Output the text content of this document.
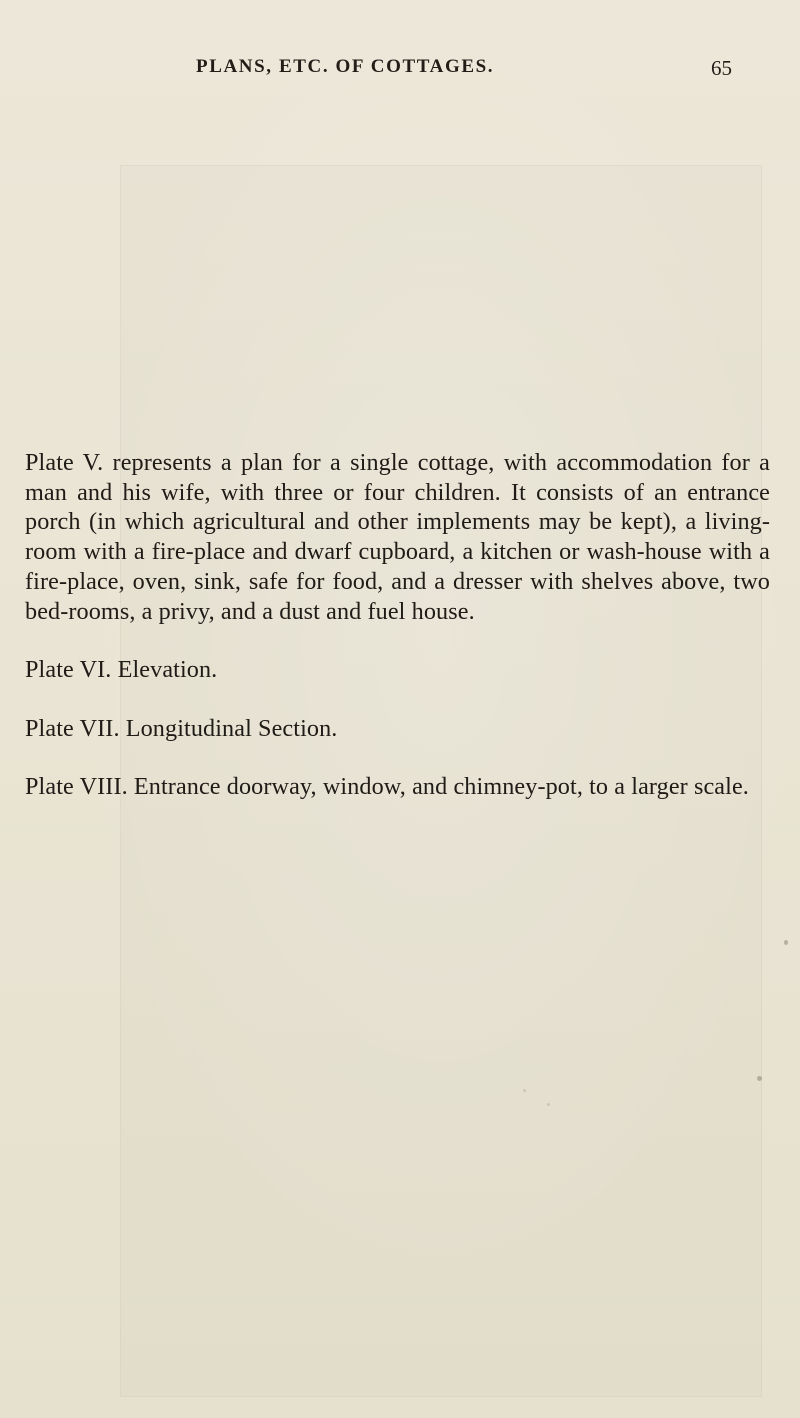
PLANS, ETC. OF COTTAGES.	65

Plate V. represents a plan for a single cottage, with accommodation for a man and his wife, with three or four children. It consists of an entrance porch (in which agricultural and other implements may be kept), a living-room with a fire-place and dwarf cupboard, a kitchen or wash-house with a fire-place, oven, sink, safe for food, and a dresser with shelves above, two bed-rooms, a privy, and a dust and fuel house.

Plate VI. Elevation.

Plate VII. Longitudinal Section.

Plate VIII. Entrance doorway, window, and chimney-pot, to a larger scale.
